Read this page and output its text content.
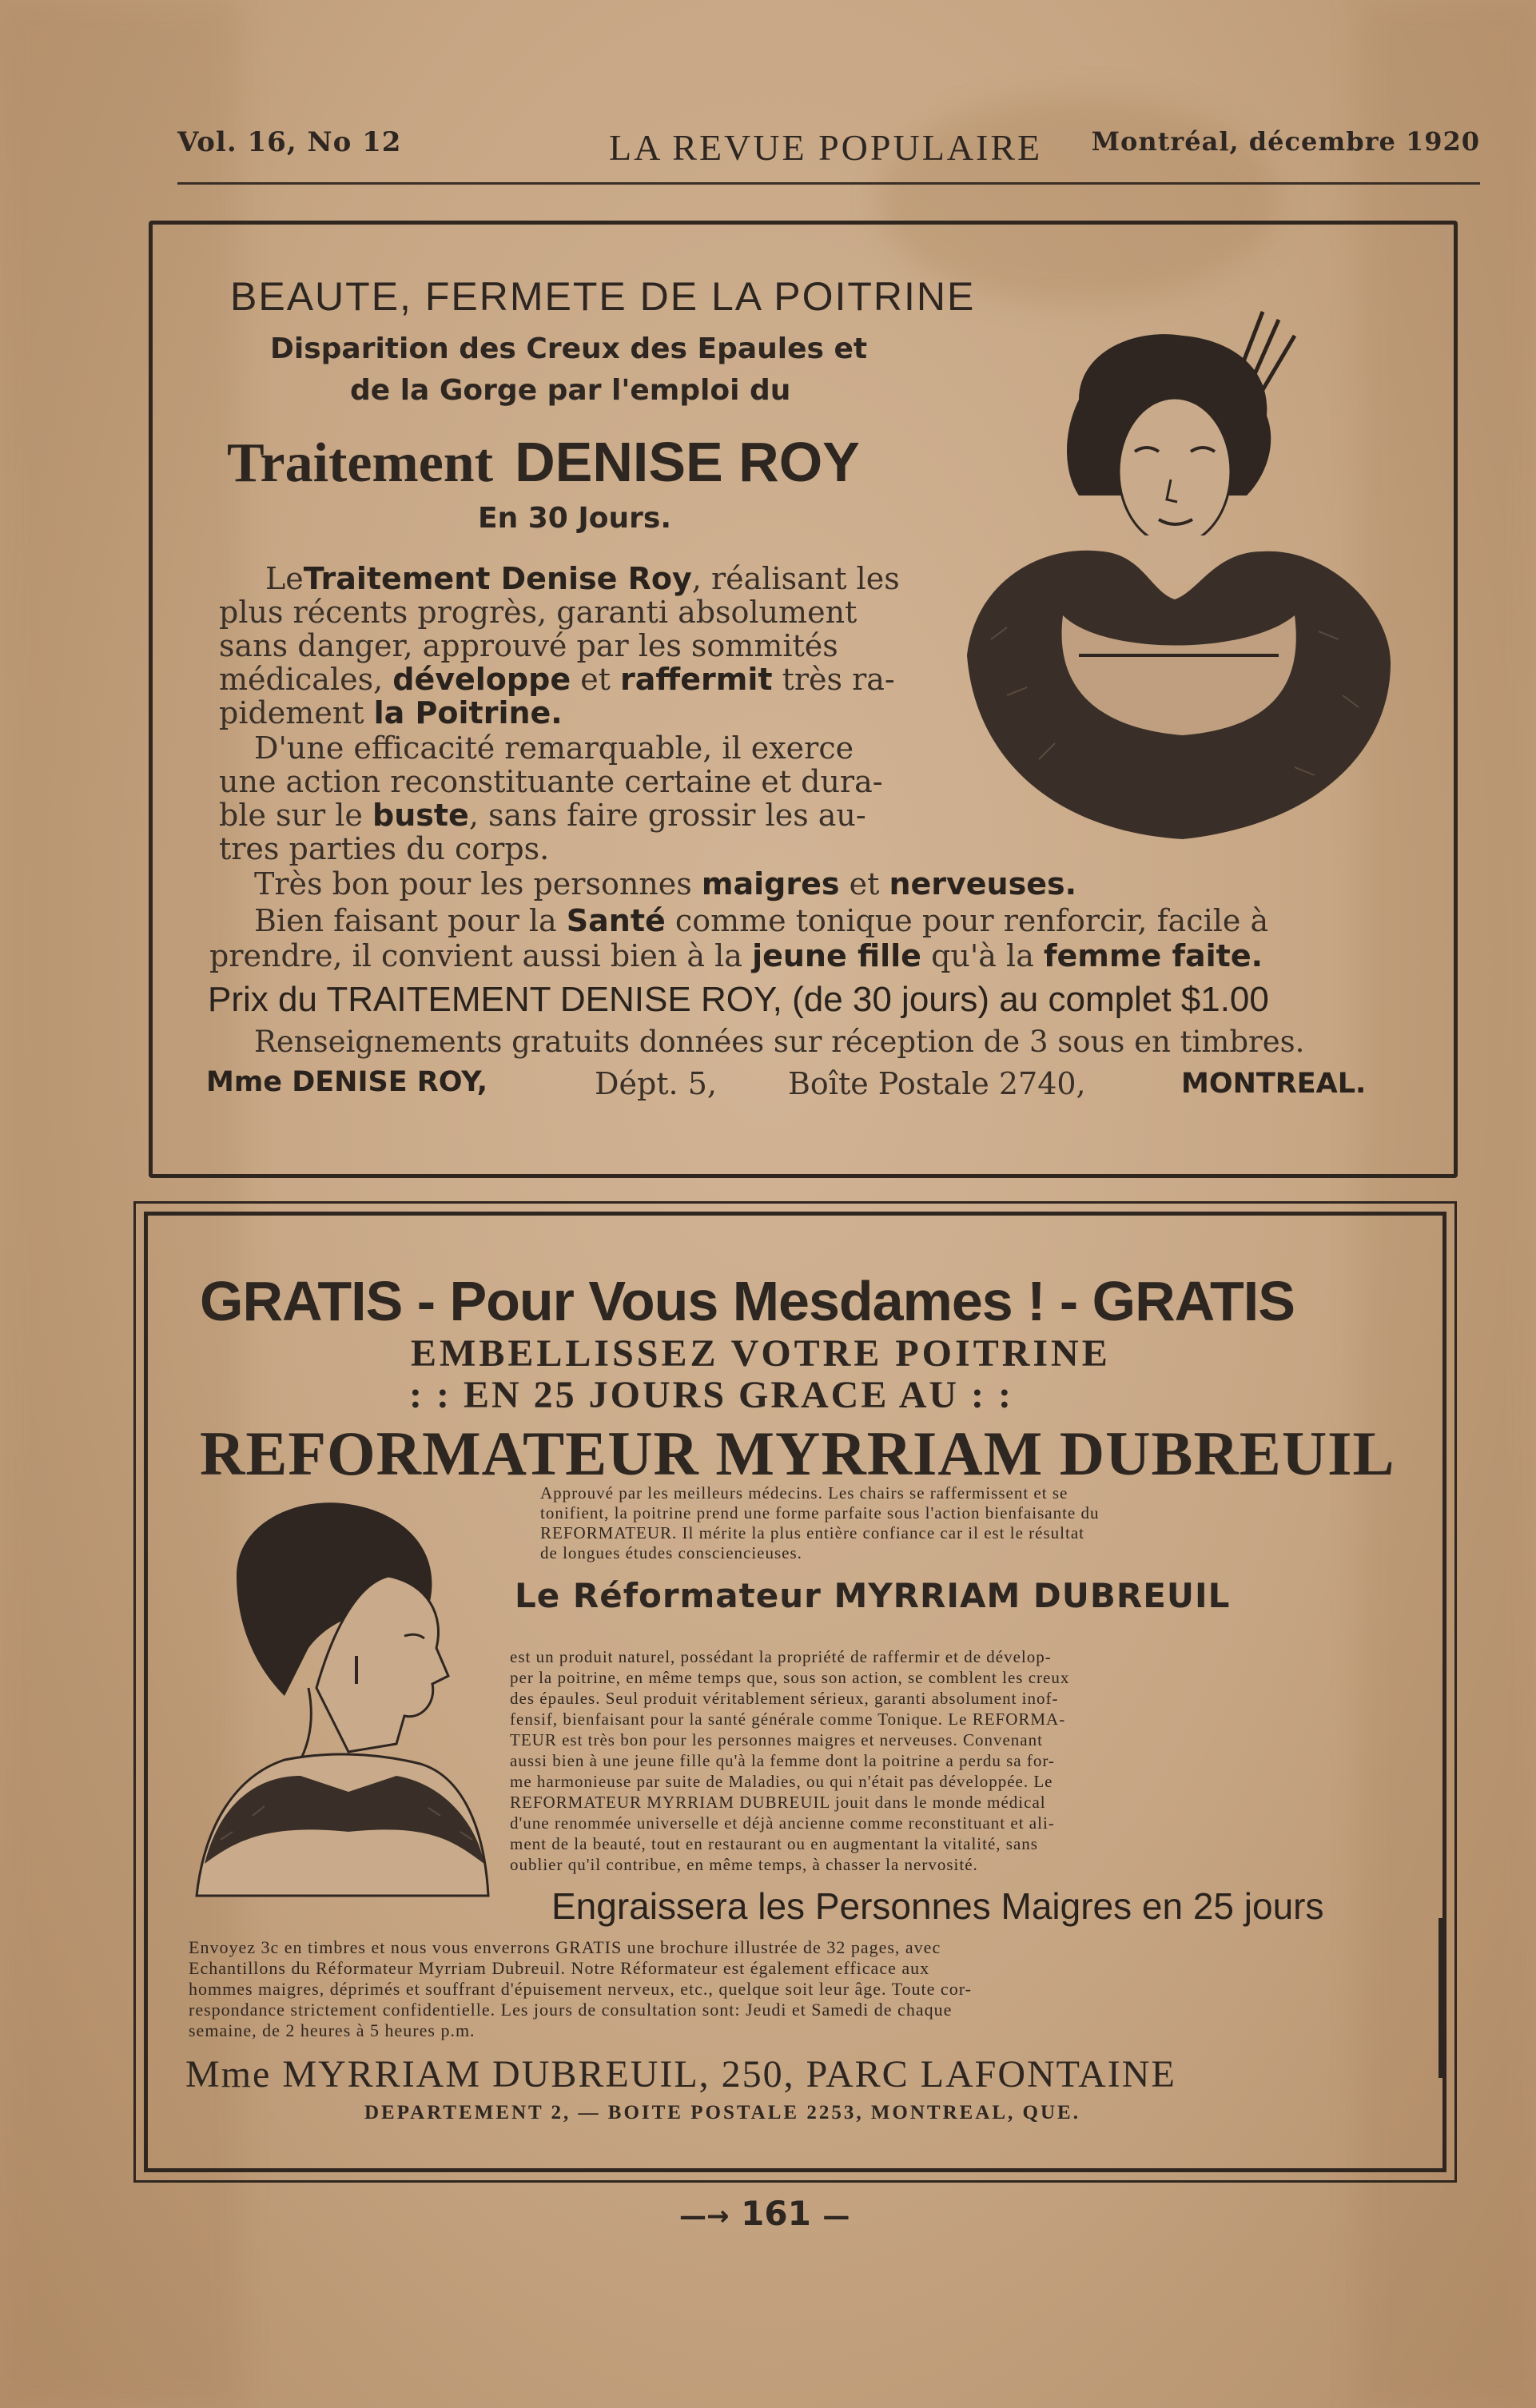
Vol. 16, No 12	LA REVUE POPULAIRE Montréal, décembre 1920
BEAUTE, FERMETE DE LA POITRINE
Disparition des Creux des Epaules et
de la Gorge par l'emploi du
Traitement DENISE ROY
En 30 Jours.
LeTraitement Denise Roy, réalisant les
plus récents progrès, garanti absolument
sans danger, approuvé par les sommités
médicales, développe et raffermit très ra-
pidement la Poitrine.
D'une efficacité remarquable, il exerce
une action reconstituante certaine et dura-
ble sur le buste, sans faire grossir les au-
tres parties du corps.
Très bon pour les personnes maigres et nerveuses.
Bien faisant pour la Santé comme tonique pour renforcir, facile à
prendre, il convient aussi bien à la jeune fille qu'à la femme faite.
Prix du TRAITEMENT DENISE ROY, (de 30 jours) au complet $1.00
Renseignements gratuits données sur réception de 3 sous en timbres.
Mme DENISE ROY,	Dépt. 5, Boîte Postale 2740,	MONTREAL.
GRATIS - Pour Vous Mesdames ! - GRATIS
EMBELLISSEZ VOTRE POITRINE
: : EN 25 JOURS GRACE AU : :
REFORMATEUR MYRRIAM DUBREUIL
Approuvé par les meilleurs médecins. Les chairs se raffermissent et se
tonifient, la poitrine prend une forme parfaite sous l'action bienfaisante du
REFORMATEUR. Il mérite la plus entière confiance car il est le résultat
de longues études consciencieuses.
Le Réformateur MYRRIAM DUBREUIL
est un produit naturel, possédant la propriété de raffermir et de dévelop-
per la poitrine, en même temps que, sous son action, se comblent les creux
des épaules. Seul produit véritablement sérieux, garanti absolument inof-
fensif, bienfaisant pour la santé générale comme Tonique. Le REFORMA-
TEUR est très bon pour les personnes maigres et nerveuses. Convenant
aussi bien à une jeune fille qu'à la femme dont la poitrine a perdu sa for-
me harmonieuse par suite de Maladies, ou qui n'était pas développée. Le
REFORMATEUR MYRRIAM DUBREUIL jouit dans le monde médical
d'une renommée universelle et déjà ancienne comme reconstituant et ali-
ment de la beauté, tout en restaurant ou en augmentant la vitalité, sans
oublier qu'il contribue, en même temps, à chasser la nervosité.
Engraissera les Personnes Maigres en 25 jours
Envoyez 3c en timbres et nous vous enverrons GRATIS une brochure illustrée de 32 pages, avec
Echantillons du Réformateur Myrriam Dubreuil. Notre Réformateur est également efficace aux
hommes maigres, déprimés et souffrant d'épuisement nerveux, etc., quelque soit leur âge. Toute cor-
respondance strictement confidentielle. Les jours de consultation sont: Jeudi et Samedi de chaque
semaine, de 2 heures à 5 heures p.m.
Mme MYRRIAM DUBREUIL, 250, PARC LAFONTAINE
DEPARTEMENT 2, — BOITE POSTALE 2253, MONTREAL, QUE.
—→ 161 —
